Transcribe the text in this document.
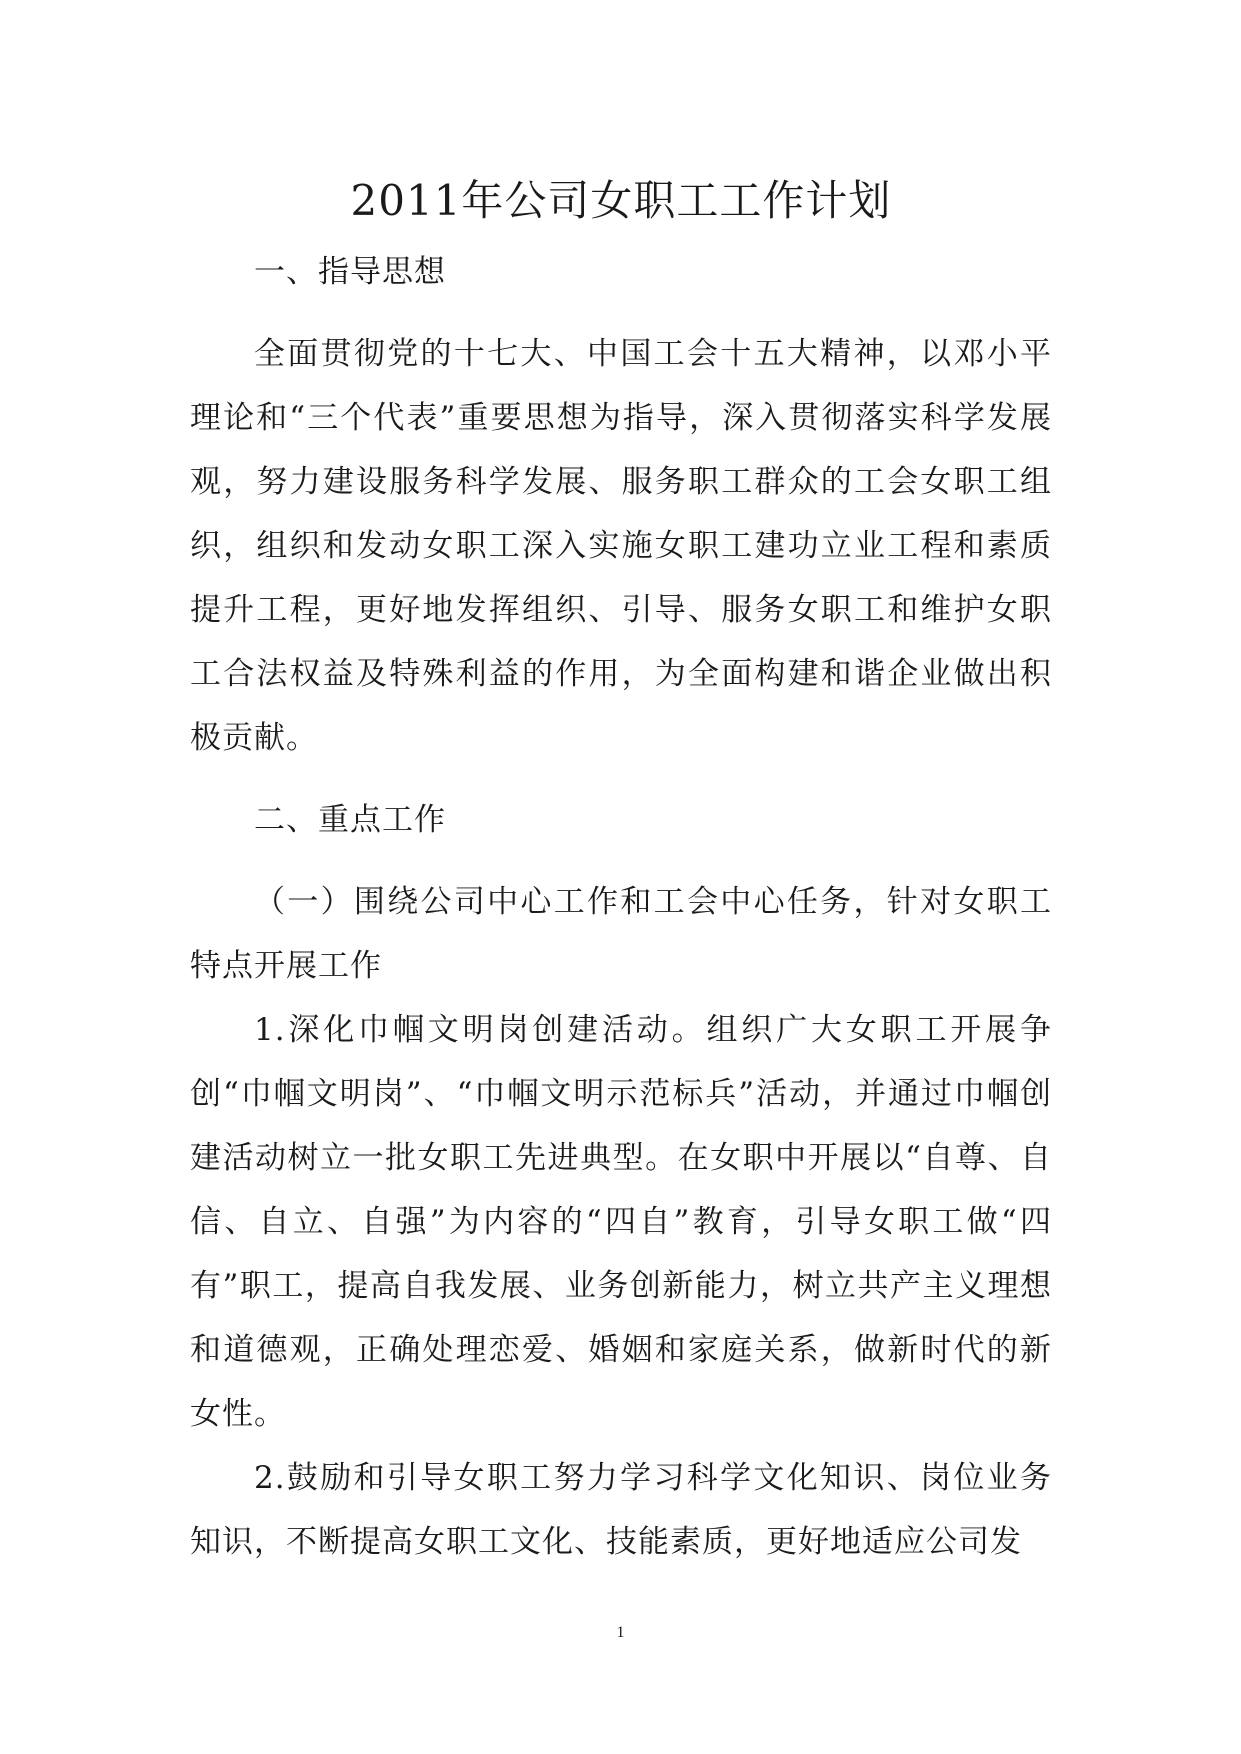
2011年公司女职工工作计划

一、指导思想

全面贯彻党的十七大、中国工会十五大精神，以邓小平理论和“三个代表”重要思想为指导，深入贯彻落实科学发展观，努力建设服务科学发展、服务职工群众的工会女职工组织，组织和发动女职工深入实施女职工建功立业工程和素质提升工程，更好地发挥组织、引导、服务女职工和维护女职工合法权益及特殊利益的作用，为全面构建和谐企业做出积极贡献。

二、重点工作

（一）围绕公司中心工作和工会中心任务，针对女职工特点开展工作

1.深化巾帼文明岗创建活动。组织广大女职工开展争创“巾帼文明岗”、“巾帼文明示范标兵”活动，并通过巾帼创建活动树立一批女职工先进典型。在女职中开展以“自尊、自信、自立、自强”为内容的“四自”教育，引导女职工做“四有”职工，提高自我发展、业务创新能力，树立共产主义理想和道德观，正确处理恋爱、婚姻和家庭关系，做新时代的新女性。

2.鼓励和引导女职工努力学习科学文化知识、岗位业务知识，不断提高女职工文化、技能素质，更好地适应公司发

1
